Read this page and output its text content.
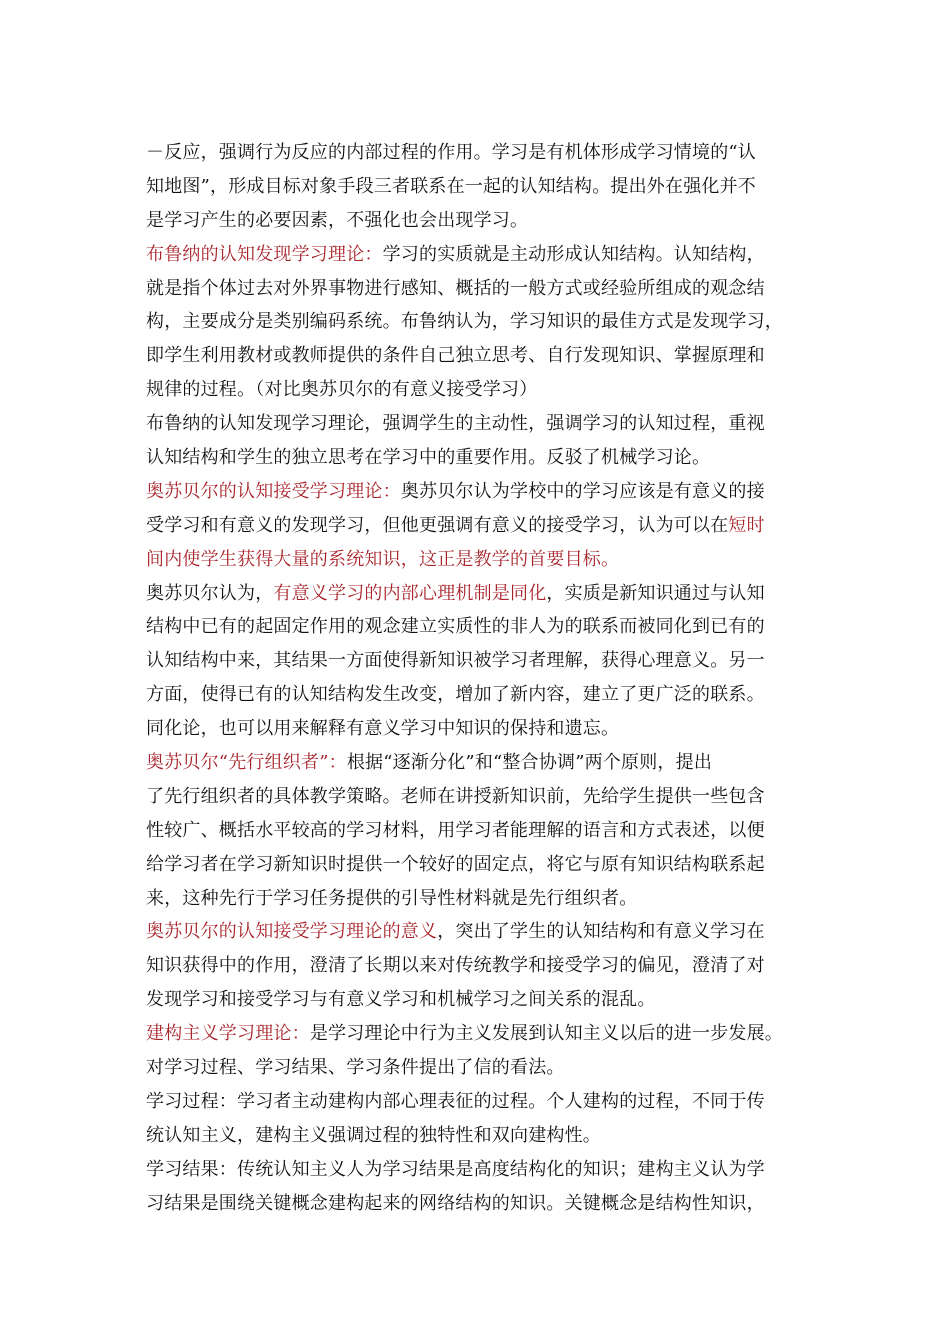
－反应，强调行为反应的内部过程的作用。学习是有机体形成学习情境的“认
知地图”，形成目标对象手段三者联系在一起的认知结构。提出外在强化并不
是学习产生的必要因素，不强化也会出现学习。
布鲁纳的认知发现学习理论：学习的实质就是主动形成认知结构。认知结构，
就是指个体过去对外界事物进行感知、概括的一般方式或经验所组成的观念结
构，主要成分是类别编码系统。布鲁纳认为，学习知识的最佳方式是发现学习，
即学生利用教材或教师提供的条件自己独立思考、自行发现知识、掌握原理和
规律的过程。（对比奥苏贝尔的有意义接受学习）
布鲁纳的认知发现学习理论，强调学生的主动性，强调学习的认知过程，重视
认知结构和学生的独立思考在学习中的重要作用。反驳了机械学习论。
奥苏贝尔的认知接受学习理论：奥苏贝尔认为学校中的学习应该是有意义的接
受学习和有意义的发现学习，但他更强调有意义的接受学习，认为可以在短时
间内使学生获得大量的系统知识，这正是教学的首要目标。
奥苏贝尔认为，有意义学习的内部心理机制是同化，实质是新知识通过与认知
结构中已有的起固定作用的观念建立实质性的非人为的联系而被同化到已有的
认知结构中来，其结果一方面使得新知识被学习者理解，获得心理意义。另一
方面，使得已有的认知结构发生改变，增加了新内容，建立了更广泛的联系。
同化论，也可以用来解释有意义学习中知识的保持和遗忘。
奥苏贝尔“先行组织者”：根据“逐渐分化”和“整合协调”两个原则，提出
了先行组织者的具体教学策略。老师在讲授新知识前，先给学生提供一些包含
性较广、概括水平较高的学习材料，用学习者能理解的语言和方式表述，以便
给学习者在学习新知识时提供一个较好的固定点，将它与原有知识结构联系起
来，这种先行于学习任务提供的引导性材料就是先行组织者。
奥苏贝尔的认知接受学习理论的意义，突出了学生的认知结构和有意义学习在
知识获得中的作用，澄清了长期以来对传统教学和接受学习的偏见，澄清了对
发现学习和接受学习与有意义学习和机械学习之间关系的混乱。
建构主义学习理论：是学习理论中行为主义发展到认知主义以后的进一步发展。
对学习过程、学习结果、学习条件提出了信的看法。
学习过程：学习者主动建构内部心理表征的过程。个人建构的过程，不同于传
统认知主义，建构主义强调过程的独特性和双向建构性。
学习结果：传统认知主义人为学习结果是高度结构化的知识；建构主义认为学
习结果是围绕关键概念建构起来的网络结构的知识。关键概念是结构性知识，
